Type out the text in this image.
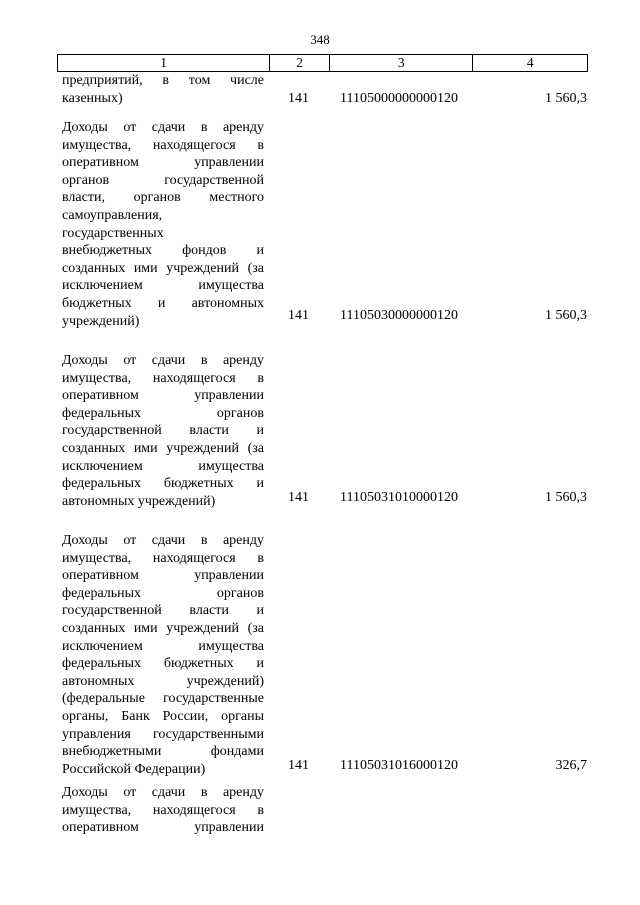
348
1	2	3	4
предприятий, в том числе
казенных)	141 11105000000000120	1 560,3
Доходы от сдачи в аренду
имущества, находящегося в
оперативном управлении
органов государственной
власти, органов местного
самоуправления,
государственных
внебюджетных фондов и
созданных ими учреждений (за
исключением имущества
бюджетных и автономных
учреждений)	141 11105030000000120	1 560,3
Доходы от сдачи в аренду
имущества, находящегося в
оперативном управлении
федеральных органов
государственной власти и
созданных ими учреждений (за
исключением имущества
федеральных бюджетных и
автономных учреждений)	141 11105031010000120	1 560,3
Доходы от сдачи в аренду
имущества, находящегося в
оперативном управлении
федеральных органов
государственной власти и
созданных ими учреждений (за
исключением имущества
федеральных бюджетных и
автономных учреждений)
(федеральные государственные
органы, Банк России, органы
управления государственными
внебюджетными фондами
Российской Федерации)	141 11105031016000120	326,7
Доходы от сдачи в аренду
имущества, находящегося в
оперативном управлении
